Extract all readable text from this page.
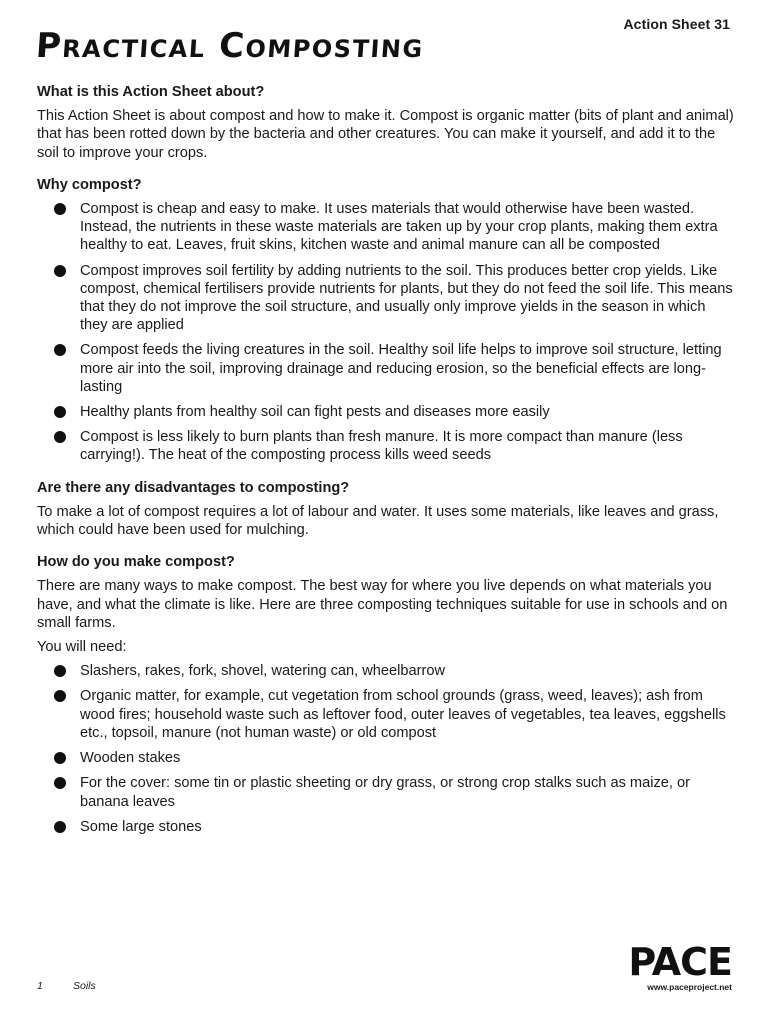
Action Sheet 31
Practical Composting
What is this Action Sheet about?

This Action Sheet is about compost and how to make it. Compost is organic matter (bits of plant and animal) that has been rotted down by the bacteria and other creatures. You can make it yourself, and add it to the soil to improve your crops.

Why compost?
Compost is cheap and easy to make. It uses materials that would otherwise have been wasted. Instead, the nutrients in these waste materials are taken up by your crop plants, making them extra healthy to eat. Leaves, fruit skins, kitchen waste and animal manure can all be composted
Compost improves soil fertility by adding nutrients to the soil. This produces better crop yields. Like compost, chemical fertilisers provide nutrients for plants, but they do not feed the soil life. This means that they do not improve the soil structure, and usually only improve yields in the season in which they are applied
Compost feeds the living creatures in the soil. Healthy soil life helps to improve soil structure, letting more air into the soil, improving drainage and reducing erosion, so the beneficial effects are long-lasting
Healthy plants from healthy soil can fight pests and diseases more easily
Compost is less likely to burn plants than fresh manure. It is more compact than manure (less carrying!). The heat of the composting process kills weed seeds
Are there any disadvantages to composting?

To make a lot of compost requires a lot of labour and water. It uses some materials, like leaves and grass, which could have been used for mulching.

How do you make compost?

There are many ways to make compost. The best way for where you live depends on what materials you have, and what the climate is like. Here are three composting techniques suitable for use in schools and on small farms.

You will need:

Slashers, rakes, fork, shovel, watering can, wheelbarrow
Organic matter, for example, cut vegetation from school grounds (grass, weed, leaves); ash from wood fires; household waste such as leftover food, outer leaves of vegetables, tea leaves, eggshells etc., topsoil, manure (not human waste) or old compost
Wooden stakes
For the cover: some tin or plastic sheeting or dry grass, or strong crop stalks such as maize, or banana leaves
Some large stones
1	Soils
PACE
www.paceproject.net
